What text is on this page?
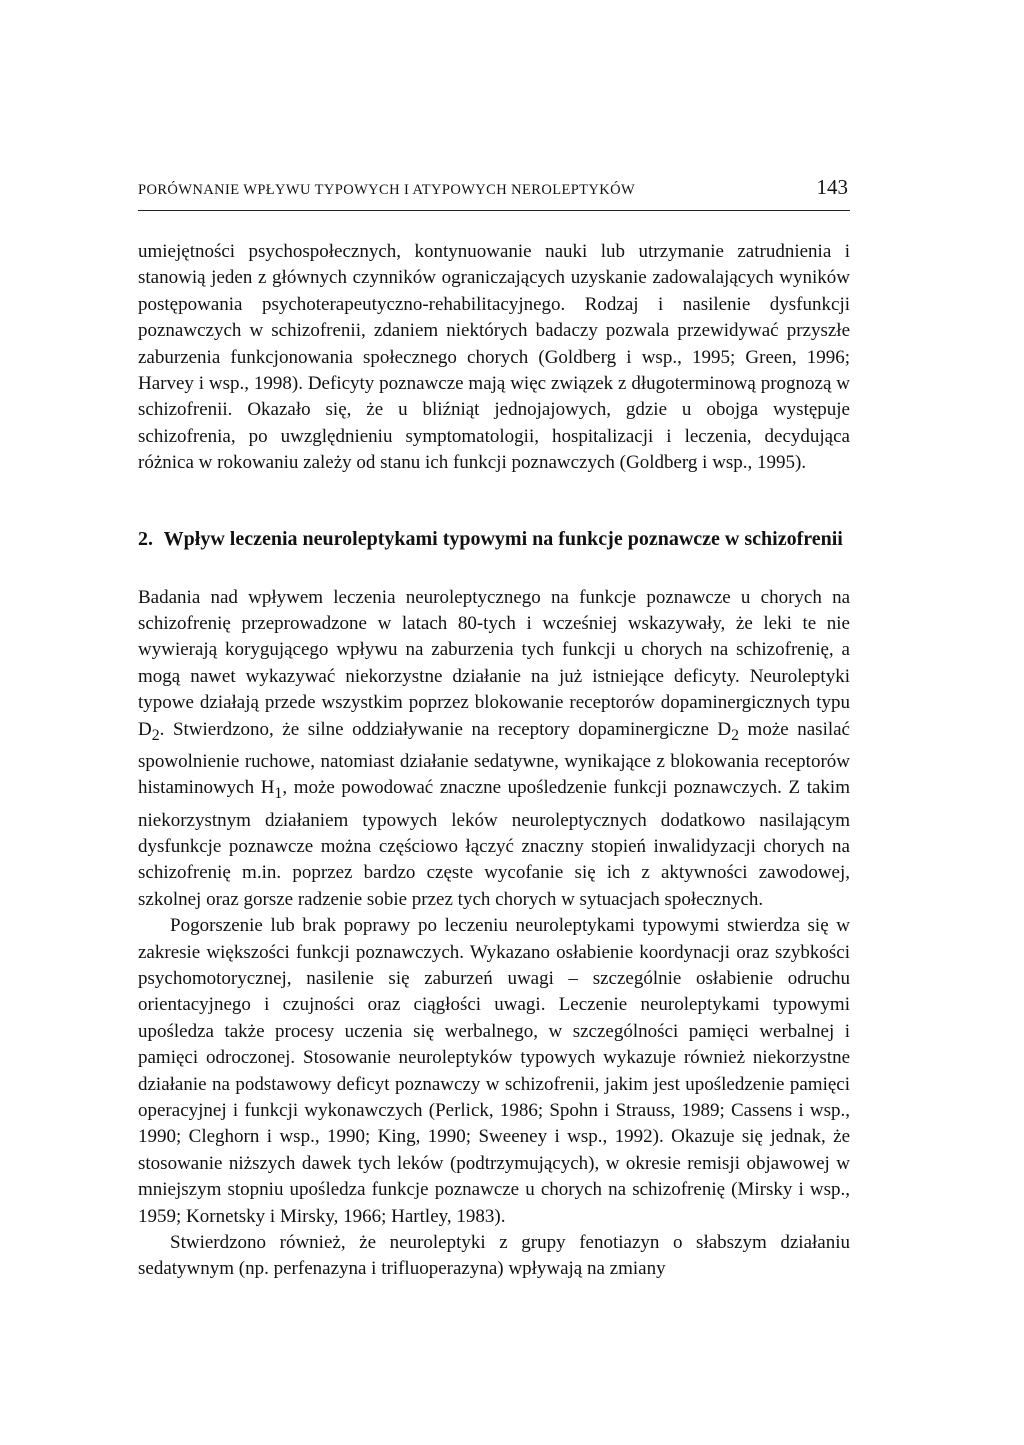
PORÓWNANIE WPŁYWU TYPOWYCH I ATYPOWYCH NEROLEPTYKÓW	143

umiejętności psychospołecznych, kontynuowanie nauki lub utrzymanie zatrudnienia i stanowią jeden z głównych czynników ograniczających uzyskanie zadowalających wyników postępowania psychoterapeutyczno-rehabilitacyjnego. Rodzaj i nasilenie dysfunkcji poznawczych w schizofrenii, zdaniem niektórych badaczy pozwala przewidywać przyszłe zaburzenia funkcjonowania społecznego chorych (Goldberg i wsp., 1995; Green, 1996; Harvey i wsp., 1998). Deficyty poznawcze mają więc związek z długoterminową prognozą w schizofrenii. Okazało się, że u bliźniąt jednojajowych, gdzie u obojga występuje schizofrenia, po uwzględnieniu symptomatologii, hospitalizacji i leczenia, decydująca różnica w rokowaniu zależy od stanu ich funkcji poznawczych (Goldberg i wsp., 1995).

2. Wpływ leczenia neuroleptykami typowymi na funkcje poznawcze w schizofrenii

Badania nad wpływem leczenia neuroleptycznego na funkcje poznawcze u chorych na schizofrenię przeprowadzone w latach 80-tych i wcześniej wskazywały, że leki te nie wywierają korygującego wpływu na zaburzenia tych funkcji u chorych na schizofrenię, a mogą nawet wykazywać niekorzystne działanie na już istniejące deficyty. Neuroleptyki typowe działają przede wszystkim poprzez blokowanie receptorów dopaminergicznych typu $D_2$. Stwierdzono, że silne oddziaływanie na receptory dopaminergiczne $D_2$ może nasilać spowolnienie ruchowe, natomiast działanie sedatywne, wynikające z blokowania receptorów histaminowych $H_1$, może powodować znaczne upośledzenie funkcji poznawczych. Z takim niekorzystnym działaniem typowych leków neuroleptycznych dodatkowo nasilającym dysfunkcje poznawcze można częściowo łączyć znaczny stopień inwalidyzacji chorych na schizofrenię m.in. poprzez bardzo częste wycofanie się ich z aktywności zawodowej, szkolnej oraz gorsze radzenie sobie przez tych chorych w sytuacjach społecznych.

Pogorszenie lub brak poprawy po leczeniu neuroleptykami typowymi stwierdza się w zakresie większości funkcji poznawczych. Wykazano osłabienie koordynacji oraz szybkości psychomotorycznej, nasilenie się zaburzeń uwagi – szczególnie osłabienie odruchu orientacyjnego i czujności oraz ciągłości uwagi. Leczenie neuroleptykami typowymi upośledza także procesy uczenia się werbalnego, w szczególności pamięci werbalnej i pamięci odroczonej. Stosowanie neuroleptyków typowych wykazuje również niekorzystne działanie na podstawowy deficyt poznawczy w schizofrenii, jakim jest upośledzenie pamięci operacyjnej i funkcji wykonawczych (Perlick, 1986; Spohn i Strauss, 1989; Cassens i wsp., 1990; Cleghorn i wsp., 1990; King, 1990; Sweeney i wsp., 1992). Okazuje się jednak, że stosowanie niższych dawek tych leków (podtrzymujących), w okresie remisji objawowej w mniejszym stopniu upośledza funkcje poznawcze u chorych na schizofrenię (Mirsky i wsp., 1959; Kornetsky i Mirsky, 1966; Hartley, 1983).

Stwierdzono również, że neuroleptyki z grupy fenotiazyn o słabszym działaniu sedatywnym (np. perfenazyna i trifluoperazyna) wpływają na zmiany
